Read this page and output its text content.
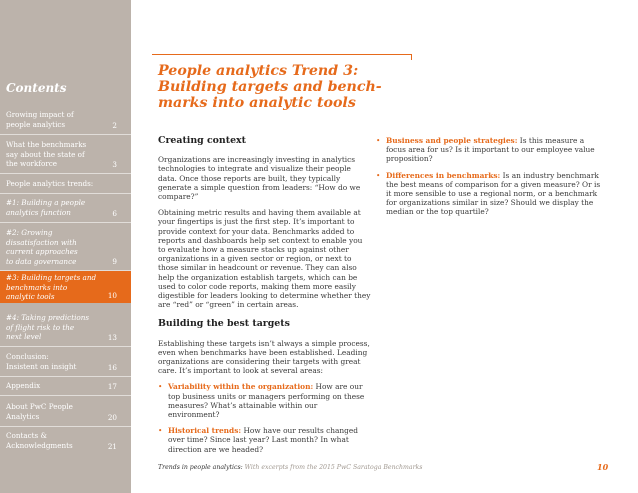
Contents
Growing impact of
people analytics	2
What the benchmarks
say about the state of
the workforce	3
People analytics trends:
#1: Building a people
analytics function	6
#2: Growing
dissatisfaction with
current approaches
to data governance	9
#3: Building targets and
benchmarks into
analytic tools	10
#4: Taking predictions
of flight risk to the
next level	13
Conclusion:
Insistent on insight	16
Appendix	17
About PwC People
Analytics	20
Contacts &
Acknowledgments	21
People analytics Trend 3:
Building targets and bench-
marks into analytic tools
Creating context
Organizations are increasingly investing in analytics technologies to integrate and visualize their people data. Once those reports are built, they typically generate a simple question from leaders: “How do we compare?”
Obtaining metric results and having them available at your fingertips is just the first step. It’s important to provide context for your data. Benchmarks added to reports and dashboards help set context to enable you to evaluate how a measure stacks up against other organizations in a given sector or region, or next to those similar in headcount or revenue. They can also help the organization establish targets, which can be used to color code reports, making them more easily digestible for leaders looking to determine whether they are “red” or “green” in certain areas.
Building the best targets
Establishing these targets isn’t always a simple process, even when benchmarks have been established. Leading organizations are considering their targets with great care. It’s important to look at several areas:
• Variability within the organization: How are our top business units or managers performing on these measures? What’s attainable within our environment?
• Historical trends: How have our results changed over time? Since last year? Last month? In what direction are we headed?
• Business and people strategies: Is this measure a focus area for us? Is it important to our employee value proposition?
• Differences in benchmarks: Is an industry benchmark the best means of comparison for a given measure? Or is it more sensible to use a regional norm, or a benchmark for organizations similar in size? Should we display the median or the top quartile?
Trends in people analytics: With excerpts from the 2015 PwC Saratoga Benchmarks	10
